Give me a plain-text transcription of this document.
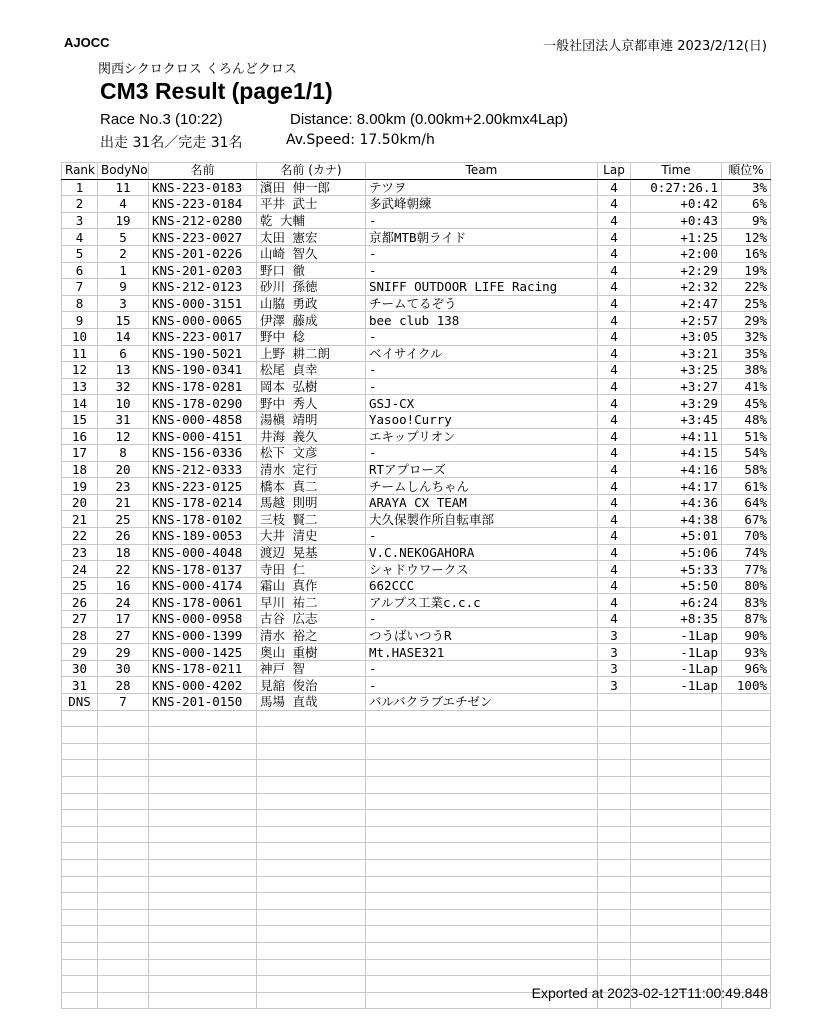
AJOCC	一般社団法人京都車連 2023/2/12(日)
関西シクロクロス くろんどクロス
CM3 Result (page1/1)
Race No.3 (10:22)	Distance: 8.00km (0.00km+2.00kmx4Lap)
出走 31名／完走 31名	Av.Speed: 17.50km/h
Rank	BodyNo	名前	名前 (カナ)	Team	Lap	Time	順位%
1	11	KNS-223-0183	濱田 伸一郎	テツヲ	4	0:27:26.1	3%
2	4	KNS-223-0184	平井 武士	多武峰朝練	4	+0:42	6%
3	19	KNS-212-0280	乾 大輔	-	4	+0:43	9%
4	5	KNS-223-0027	太田 憲宏	京都MTB朝ライド	4	+1:25	12%
5	2	KNS-201-0226	山崎 智久	-	4	+2:00	16%
6	1	KNS-201-0203	野口 徹	-	4	+2:29	19%
7	9	KNS-212-0123	砂川 孫徳	SNIFF OUTDOOR LIFE Racing	4	+2:32	22%
8	3	KNS-000-3151	山脇 勇政	チームてるぞう	4	+2:47	25%
9	15	KNS-000-0065	伊澤 藤成	bee club 138	4	+2:57	29%
10	14	KNS-223-0017	野中 稔	-	4	+3:05	32%
11	6	KNS-190-5021	上野 耕二朗	ベイサイクル	4	+3:21	35%
12	13	KNS-190-0341	松尾 貞幸	-	4	+3:25	38%
13	32	KNS-178-0281	岡本 弘樹	-	4	+3:27	41%
14	10	KNS-178-0290	野中 秀人	GSJ-CX	4	+3:29	45%
15	31	KNS-000-4858	湯槇 靖明	Yasoo!Curry	4	+3:45	48%
16	12	KNS-000-4151	井海 義久	エキップリオン	4	+4:11	51%
17	8	KNS-156-0336	松下 文彦	-	4	+4:15	54%
18	20	KNS-212-0333	清水 定行	RTアプローズ	4	+4:16	58%
19	23	KNS-223-0125	橋本 真二	チームしんちゃん	4	+4:17	61%
20	21	KNS-178-0214	馬越 則明	ARAYA CX TEAM	4	+4:36	64%
21	25	KNS-178-0102	三枝 賢二	大久保製作所自転車部	4	+4:38	67%
22	26	KNS-189-0053	大井 清史	-	4	+5:01	70%
23	18	KNS-000-4048	渡辺 晃基	V.C.NEKOGAHORA	4	+5:06	74%
24	22	KNS-178-0137	寺田 仁	シャドウワークス	4	+5:33	77%
25	16	KNS-000-4174	霜山 真作	662CCC	4	+5:50	80%
26	24	KNS-178-0061	早川 祐二	アルプス工業c.c.c	4	+6:24	83%
27	17	KNS-000-0958	古谷 広志	-	4	+8:35	87%
28	27	KNS-000-1399	清水 裕之	つうばいつうR	3	-1Lap	90%
29	29	KNS-000-1425	奥山 重樹	Mt.HASE321	3	-1Lap	93%
30	30	KNS-178-0211	神戸 智	-	3	-1Lap	96%
31	28	KNS-000-4202	見舘 俊治	-	3	-1Lap	100%
DNS	7	KNS-201-0150	馬場 直哉	バルバクラブエチゼン			

Exported at 2023-02-12T11:00:49.848
